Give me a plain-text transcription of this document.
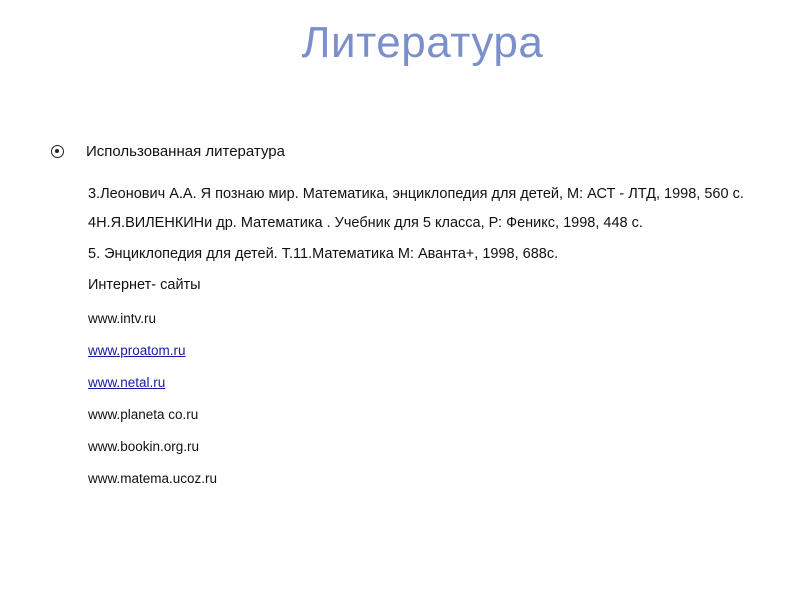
Литература
Использованная литература
3.Леонович А.А. Я познаю мир. Математика, энциклопедия для детей, М: АСТ - ЛТД, 1998, 560 с.
4Н.Я.ВИЛЕНКИНи др. Математика . Учебник для 5 класса, Р: Феникс, 1998, 448 с.
5. Энциклопедия для детей. Т.11.Математика М: Аванта+, 1998, 688с.
Интернет- сайты
www.intv.ru
www.proatom.ru
www.netal.ru
www.planeta co.ru
www.bookin.org.ru
www.matema.ucoz.ru
